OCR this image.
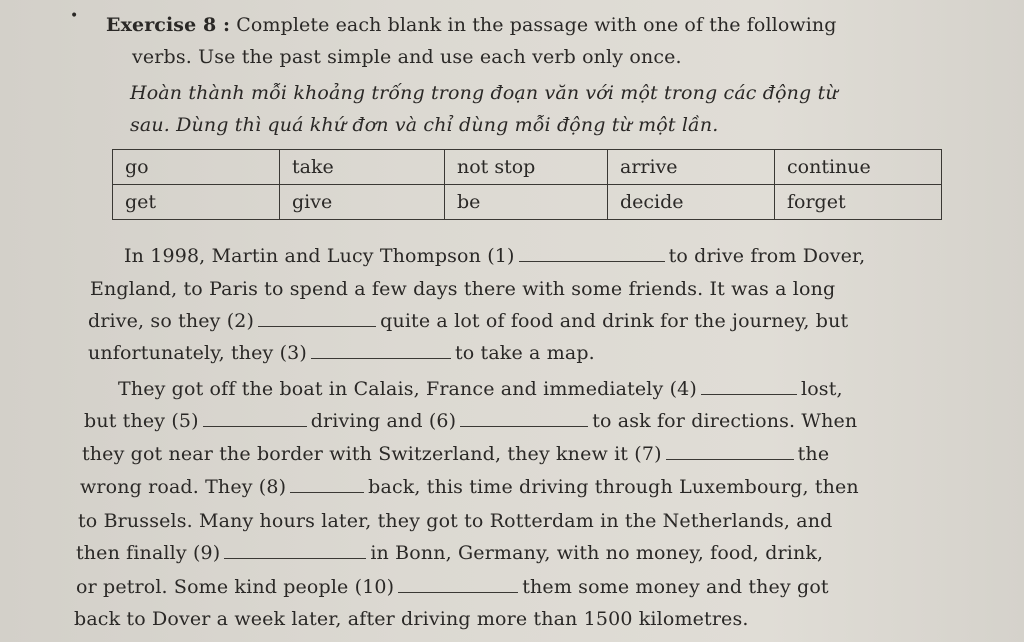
• Exercise 8 : Complete each blank in the passage with one of the following
verbs. Use the past simple and use each verb only once.
Hoàn thành mỗi khoảng trống trong đoạn văn với một trong các động từ
sau. Dùng thì quá khứ đơn và chỉ dùng mỗi động từ một lần.
go	take	not stop	arrive	continue
get	give	be	decide	forget
In 1998, Martin and Lucy Thompson (1)	to drive from Dover,
England, to Paris to spend a few days there with some friends. It was a long
drive, so they (2)	quite a lot of food and drink for the journey, but
unfortunately, they (3)	to take a map.
They got off the boat in Calais, France and immediately (4)	lost,
but they (5)	driving and (6)	to ask for directions. When
they got near the border with Switzerland, they knew it (7)	the
wrong road. They (8)	back, this time driving through Luxembourg, then
to Brussels. Many hours later, they got to Rotterdam in the Netherlands, and
then finally (9)	in Bonn, Germany, with no money, food, drink,
or petrol. Some kind people (10)	them some money and they got
back to Dover a week later, after driving more than 1500 kilometres.
